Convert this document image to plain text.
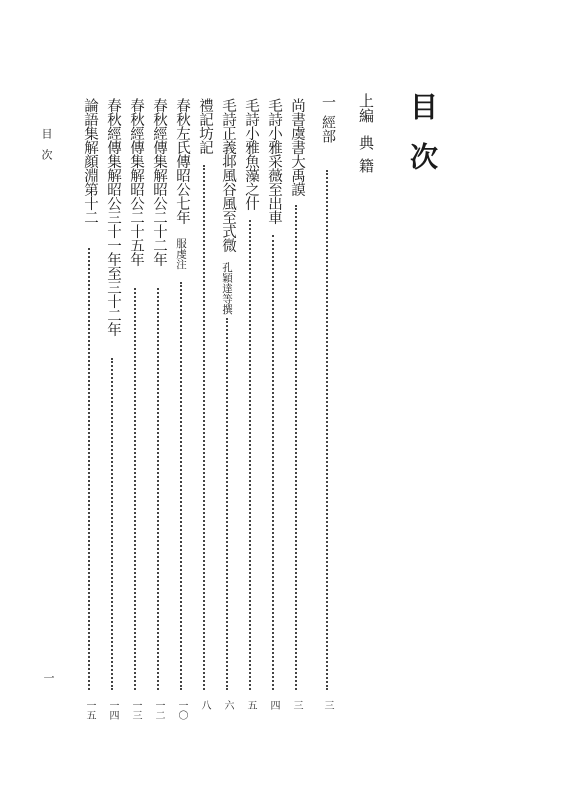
目次
上編典籍
一經部
三
尚書虞書大禹謨
三
毛詩小雅采薇至出車
四
毛詩小雅魚藻之什
五
毛詩正義邶風谷風至式微
孔穎達等撰
六
禮記坊記
八
春秋左氏傳昭公七年
服虔注
一〇
春秋經傳集解昭公二十二年
一二
春秋經傳集解昭公二十五年
一三
春秋經傳集解昭公三十一年至三十二年
一四
論語集解顔淵第十二
一五
目次
一
